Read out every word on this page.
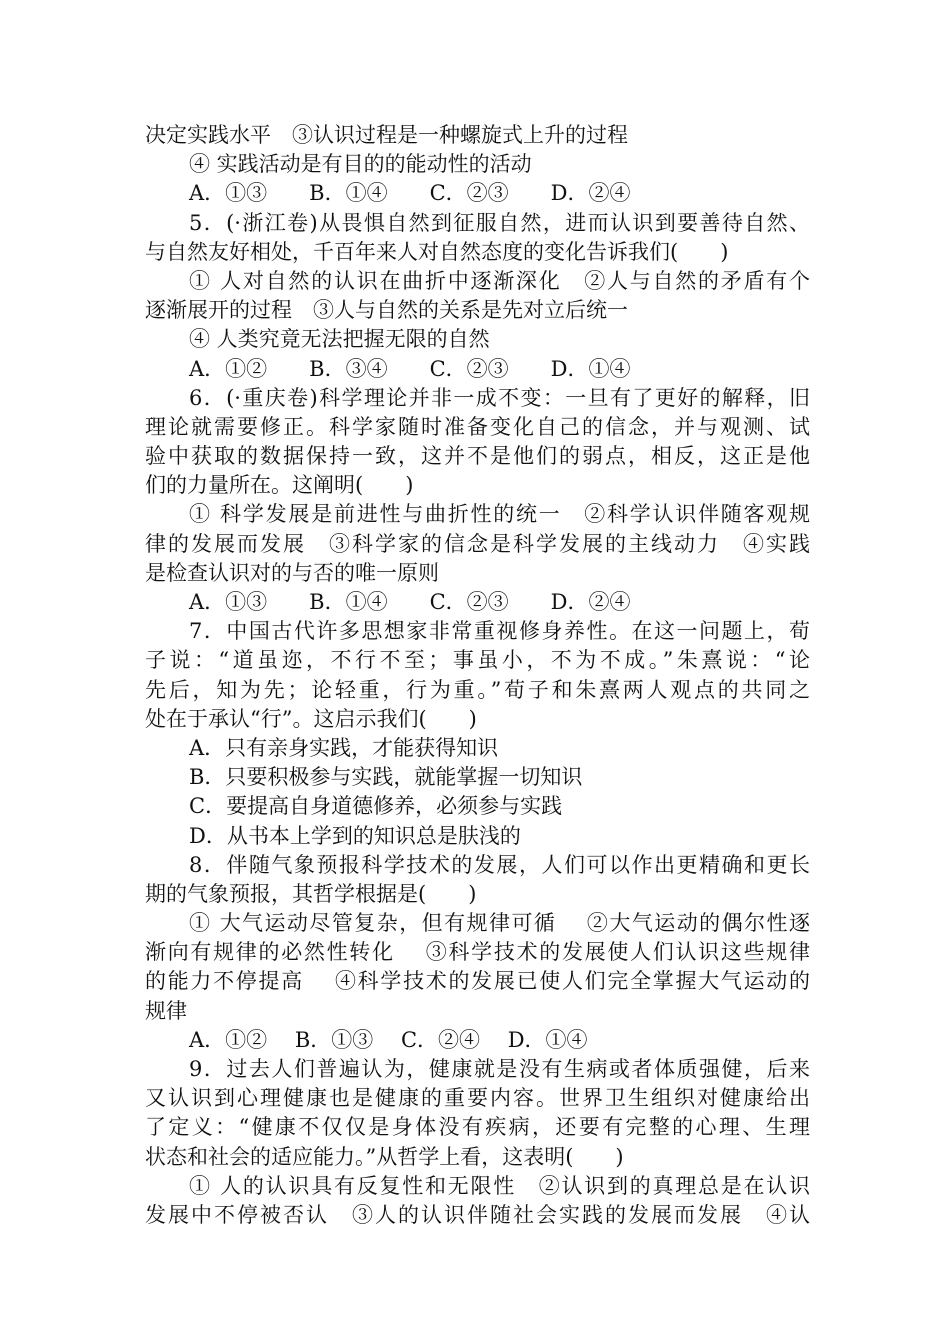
决定实践水平　③认识过程是一种螺旋式上升的过程
④ 实践活动是有目的的能动性的活动
A．①③　　B．①④　　C．②③　　D．②④
5．(·浙江卷)从畏惧自然到征服自然，进而认识到要善待自然、
与自然友好相处，千百年来人对自然态度的变化告诉我们(　　)
① 人对自然的认识在曲折中逐渐深化　②人与自然的矛盾有个
逐渐展开的过程　③人与自然的关系是先对立后统一
④ 人类究竟无法把握无限的自然
A．①②　　B．③④　　C．②③　　D．①④
6．(·重庆卷)科学理论并非一成不变：一旦有了更好的解释，旧
理论就需要修正。科学家随时准备变化自己的信念，并与观测、试
验中获取的数据保持一致，这并不是他们的弱点，相反，这正是他
们的力量所在。这阐明(　　)
① 科学发展是前进性与曲折性的统一　②科学认识伴随客观规
律的发展而发展　③科学家的信念是科学发展的主线动力　④实践
是检查认识对的与否的唯一原则
A．①③　　B．①④　　C．②③　　D．②④
7．中国古代许多思想家非常重视修身养性。在这一问题上，荀
子说：“道虽迩，不行不至；事虽小，不为不成。”朱熹说：“论
先后，知为先；论轻重，行为重。”荀子和朱熹两人观点的共同之
处在于承认“行”。这启示我们(　　)
A．只有亲身实践，才能获得知识
B．只要积极参与实践，就能掌握一切知识
C．要提高自身道德修养，必须参与实践
D．从书本上学到的知识总是肤浅的
8．伴随气象预报科学技术的发展，人们可以作出更精确和更长
期的气象预报，其哲学根据是(　　)
① 大气运动尽管复杂，但有规律可循　 ②大气运动的偶尔性逐
渐向有规律的必然性转化　 ③科学技术的发展使人们认识这些规律
的能力不停提高　 ④科学技术的发展已使人们完全掌握大气运动的
规律
A．①②　 B．①③　 C．②④　 D．①④
9．过去人们普遍认为，健康就是没有生病或者体质强健，后来
又认识到心理健康也是健康的重要内容。世界卫生组织对健康给出
了定义：“健康不仅仅是身体没有疾病，还要有完整的心理、生理
状态和社会的适应能力。”从哲学上看，这表明(　　)
① 人的认识具有反复性和无限性　②认识到的真理总是在认识
发展中不停被否认　③人的认识伴随社会实践的发展而发展　④认
